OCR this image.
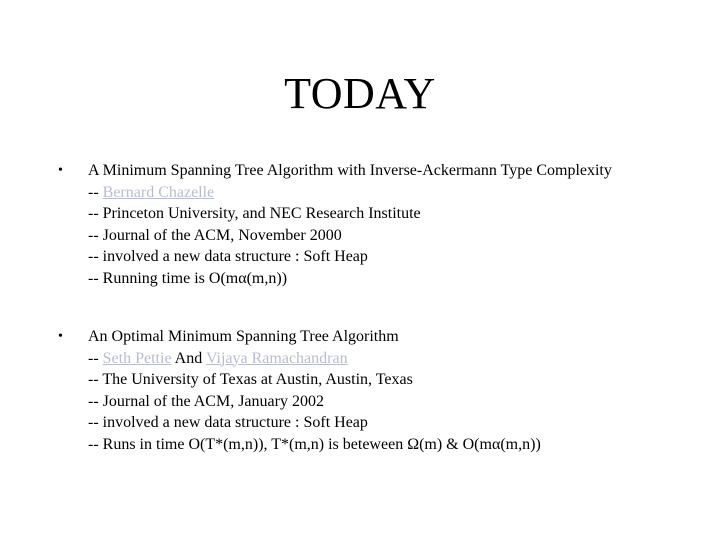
TODAY
•	A Minimum Spanning Tree Algorithm with Inverse-Ackermann Type Complexity
-- Bernard Chazelle
-- Princeton University, and NEC Research Institute
-- Journal of the ACM, November 2000
-- involved a new data structure : Soft Heap
-- Running time is O(mα(m,n))
•	An Optimal Minimum Spanning Tree Algorithm
-- Seth Pettie And Vijaya Ramachandran
-- The University of Texas at Austin, Austin, Texas
-- Journal of the ACM, January 2002
-- involved a new data structure : Soft Heap
-- Runs in time O(T*(m,n)), T*(m,n) is beteween Ω(m) & O(mα(m,n))
